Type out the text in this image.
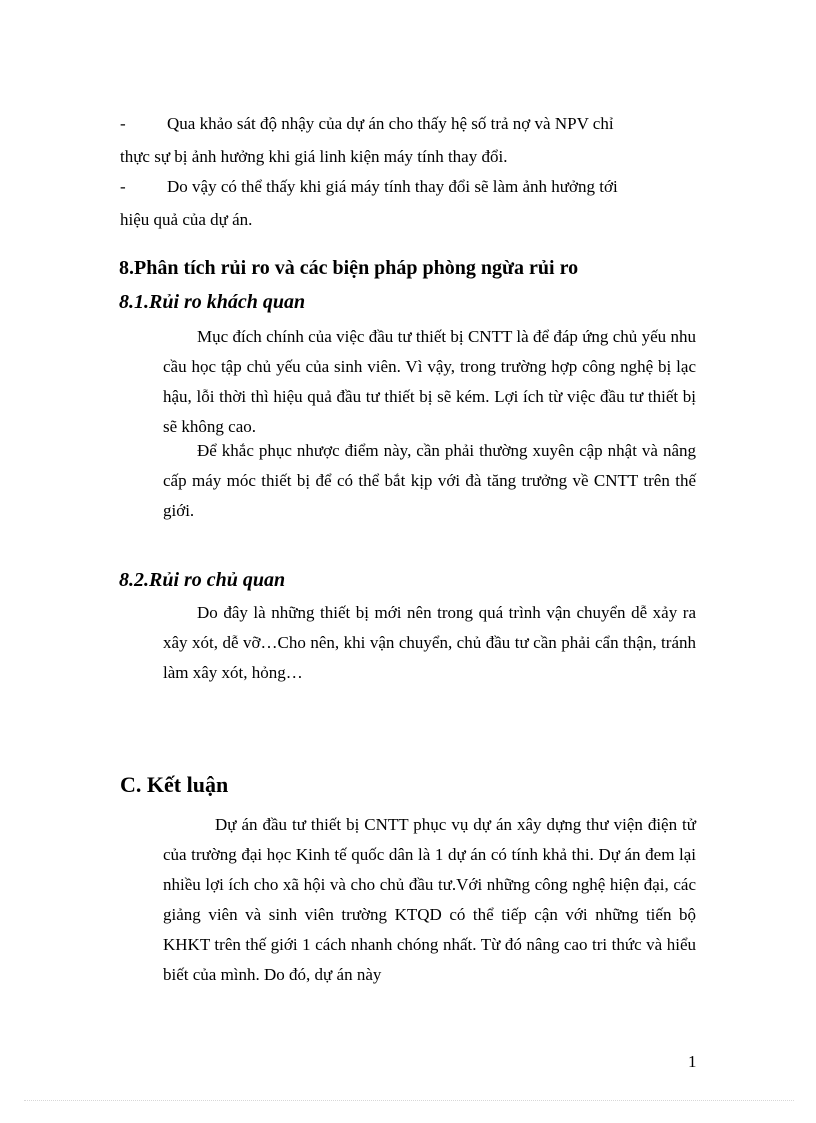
-	Qua khảo sát độ nhậy của dự án cho thấy hệ số trả nợ và NPV chỉ
thực sự bị ảnh hưởng khi giá linh kiện máy tính thay đổi.
-	Do vậy có thể thấy khi giá máy tính thay đổi sẽ làm ảnh hưởng tới
hiệu quả của dự án.
8.Phân tích rủi ro và các biện pháp phòng ngừa rủi ro
8.1.Rủi ro khách quan

Mục đích chính của việc đầu tư thiết bị CNTT là để đáp ứng chủ yếu nhu cầu học tập chủ yếu của sinh viên. Vì vậy, trong trường hợp công nghệ bị lạc hậu, lỗi thời thì hiệu quả đầu tư thiết bị sẽ kém. Lợi ích từ việc đầu tư thiết bị sẽ không cao.

Để khắc phục nhược điểm này, cần phải thường xuyên cập nhật và nâng cấp máy móc thiết bị để có thể bắt kịp với đà tăng trưởng về CNTT trên thế giới.

8.2.Rủi ro chủ quan

Do đây là những thiết bị mới nên trong quá trình vận chuyển dễ xảy ra xây xót, dễ vỡ…Cho nên, khi vận chuyển, chủ đầu tư cần phải cẩn thận, tránh làm xây xót, hỏng…

C. Kết luận

Dự án đầu tư thiết bị CNTT phục vụ dự án xây dựng thư viện điện tử của trường đại học Kinh tế quốc dân là 1 dự án có tính khả thi. Dự án đem lại nhiều lợi ích cho xã hội và cho chủ đầu tư.Với những công nghệ hiện đại, các giảng viên và sinh viên trường KTQD có thể tiếp cận với những tiến bộ KHKT trên thế giới 1 cách nhanh chóng nhất. Từ đó nâng cao tri thức và hiểu biết của mình. Do đó, dự án này

1
